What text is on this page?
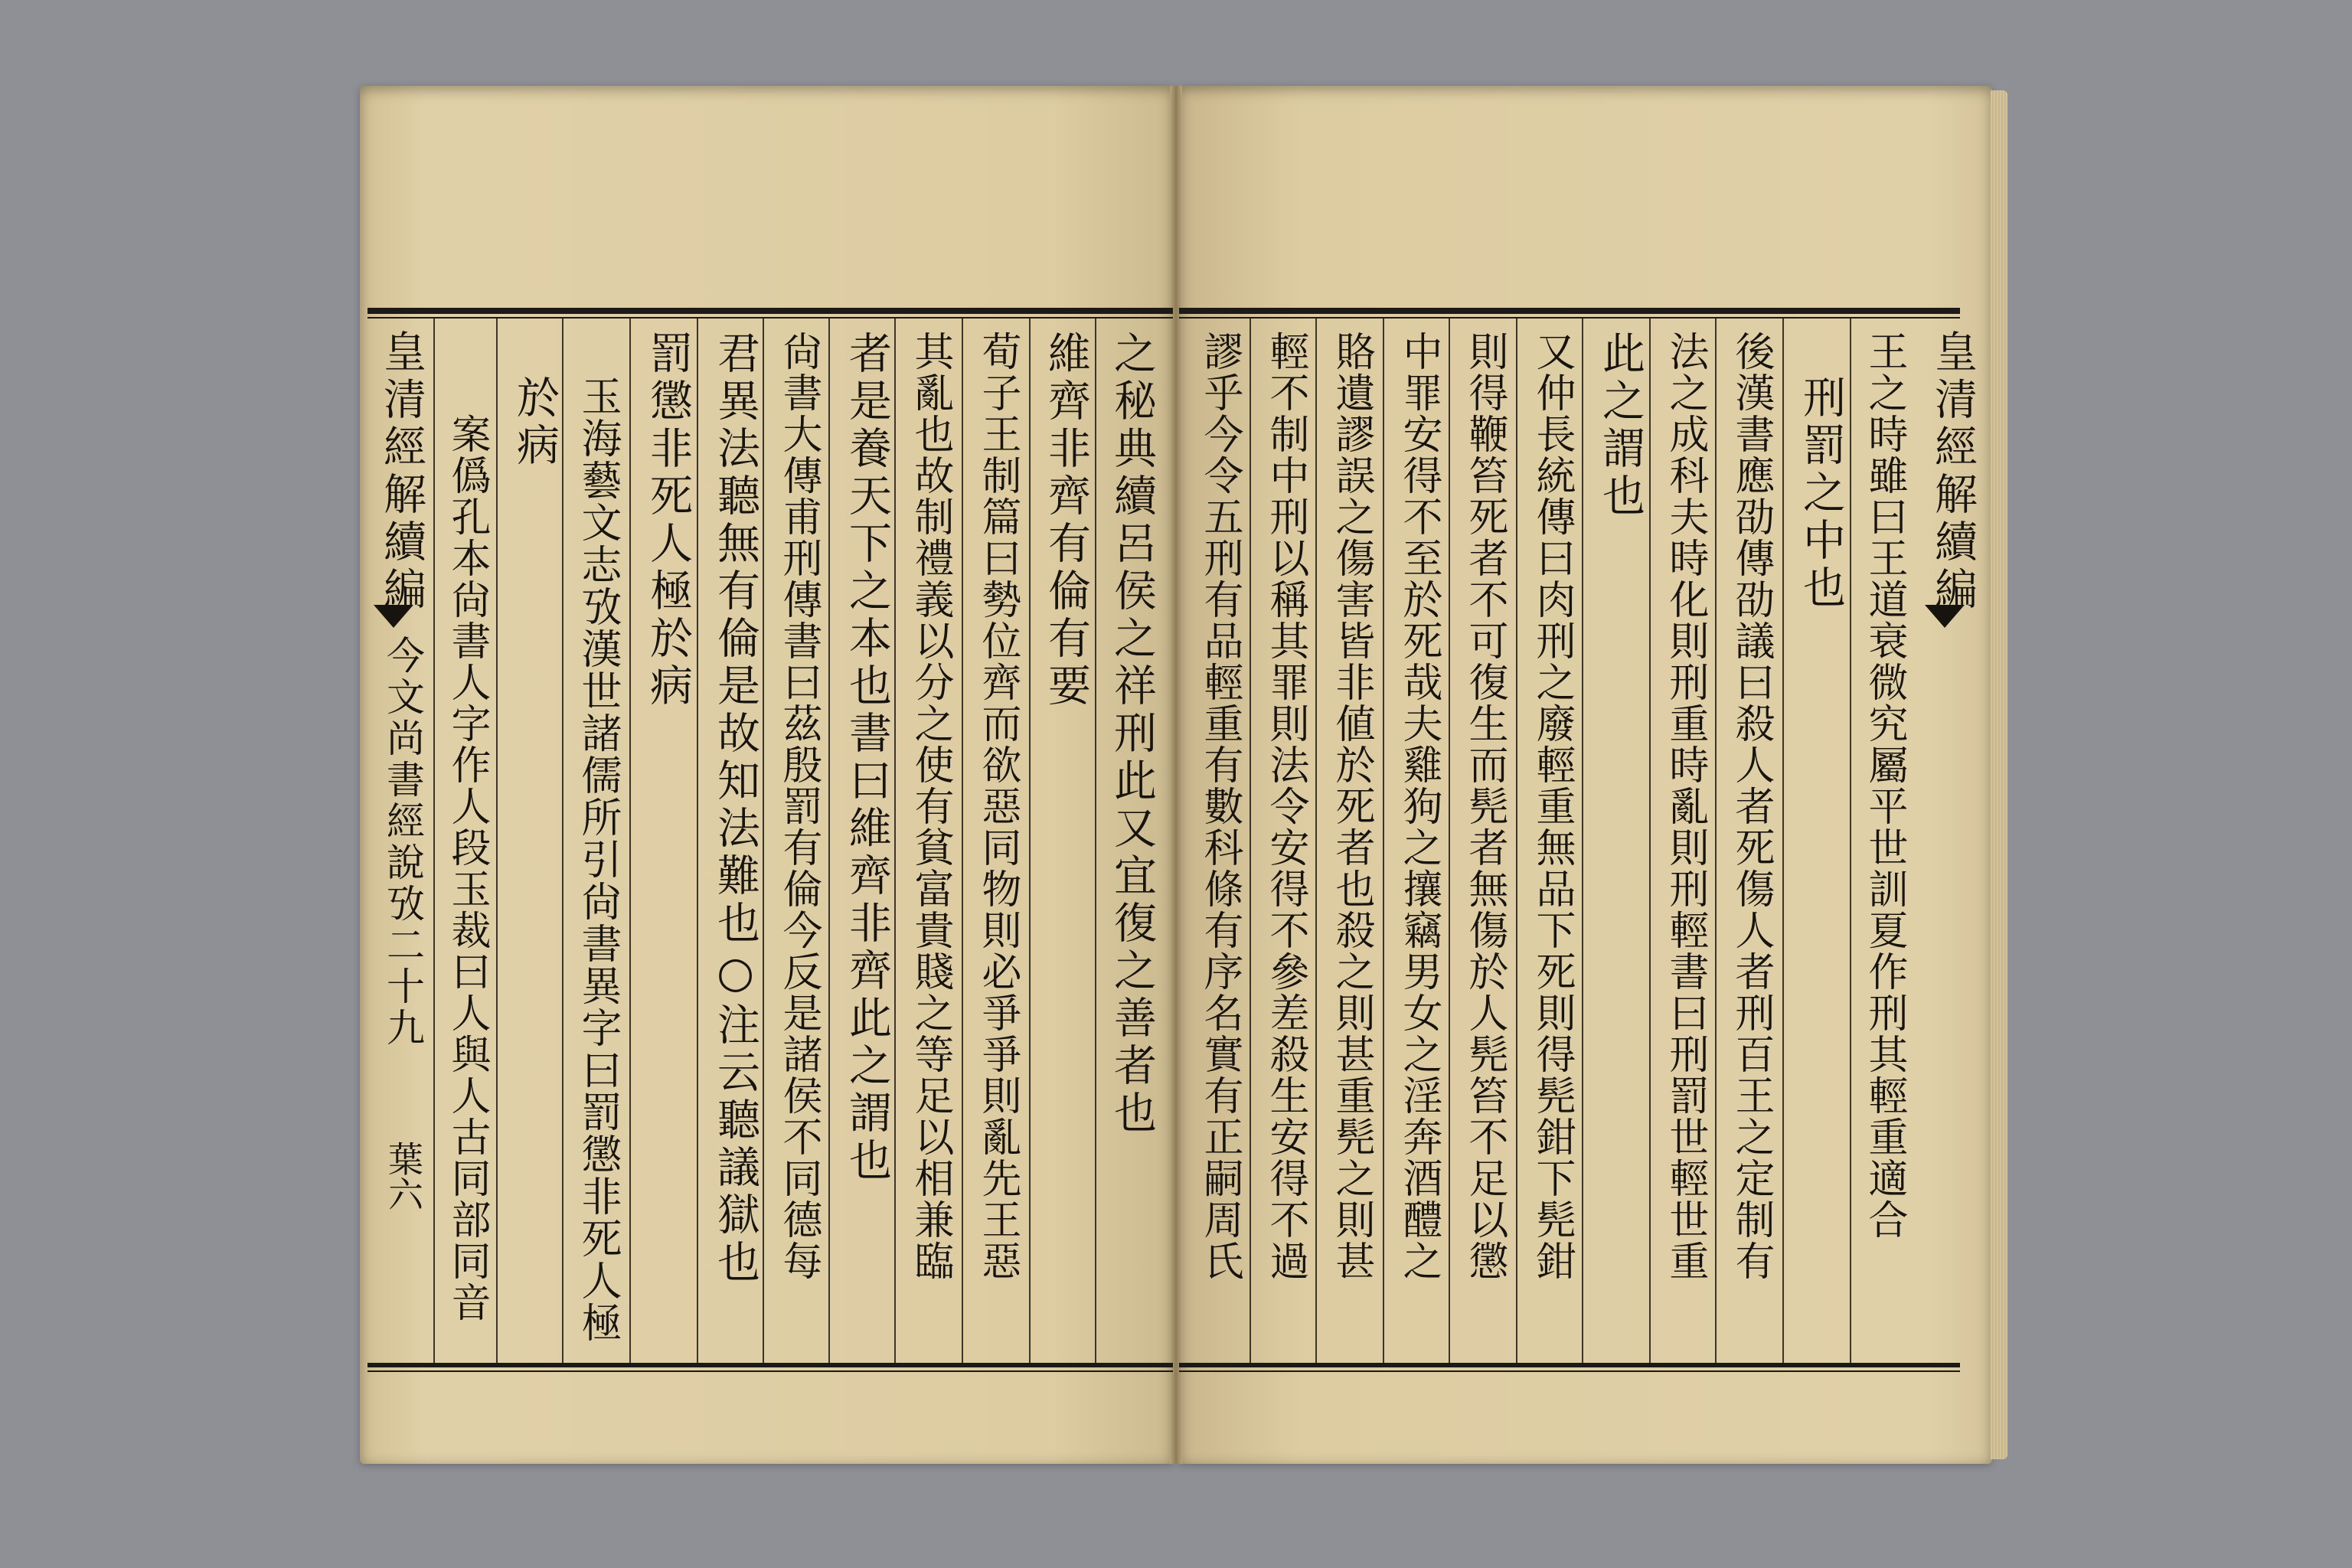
皇清經解續編
今文尚書經說攷二十九
葉六
之秘典續呂侯之祥刑此又宜復之善者也
維齊非齊有倫有要
荀子王制篇曰勢位齊而欲惡同物則必爭爭則亂先王惡
其亂也故制禮義以分之使有貧富貴賤之等足以相兼臨
者是養天下之本也書曰維齊非齊此之謂也
尙書大傳甫刑傳書曰茲殷罰有倫今反是諸侯不同德每
君異法聽無有倫是故知法難也○注云聽議獄也
罰懲非死人極於病
玉海藝文志攷漢世諸儒所引尙書異字曰罰懲非死人極
於病
案僞孔本尙書人字作人段玉裁曰人與人古同部同音	皇清經解續編
王之時雖曰王道衰微究屬平世訓夏作刑其輕重適合
刑罰之中也
後漢書應劭傳劭議曰殺人者死傷人者刑百王之定制有
法之成科夫時化則刑重時亂則刑輕書曰刑罰世輕世重
此之謂也
又仲長統傳曰肉刑之廢輕重無品下死則得髡鉗下髡鉗
則得鞭笞死者不可復生而髡者無傷於人髡笞不足以懲
中罪安得不至於死哉夫雞狗之攘竊男女之淫奔酒醴之
賂遺謬誤之傷害皆非値於死者也殺之則甚重髡之則甚
輕不制中刑以稱其罪則法令安得不參差殺生安得不過
謬乎今令五刑有品輕重有數科條有序名實有正嗣周氏
